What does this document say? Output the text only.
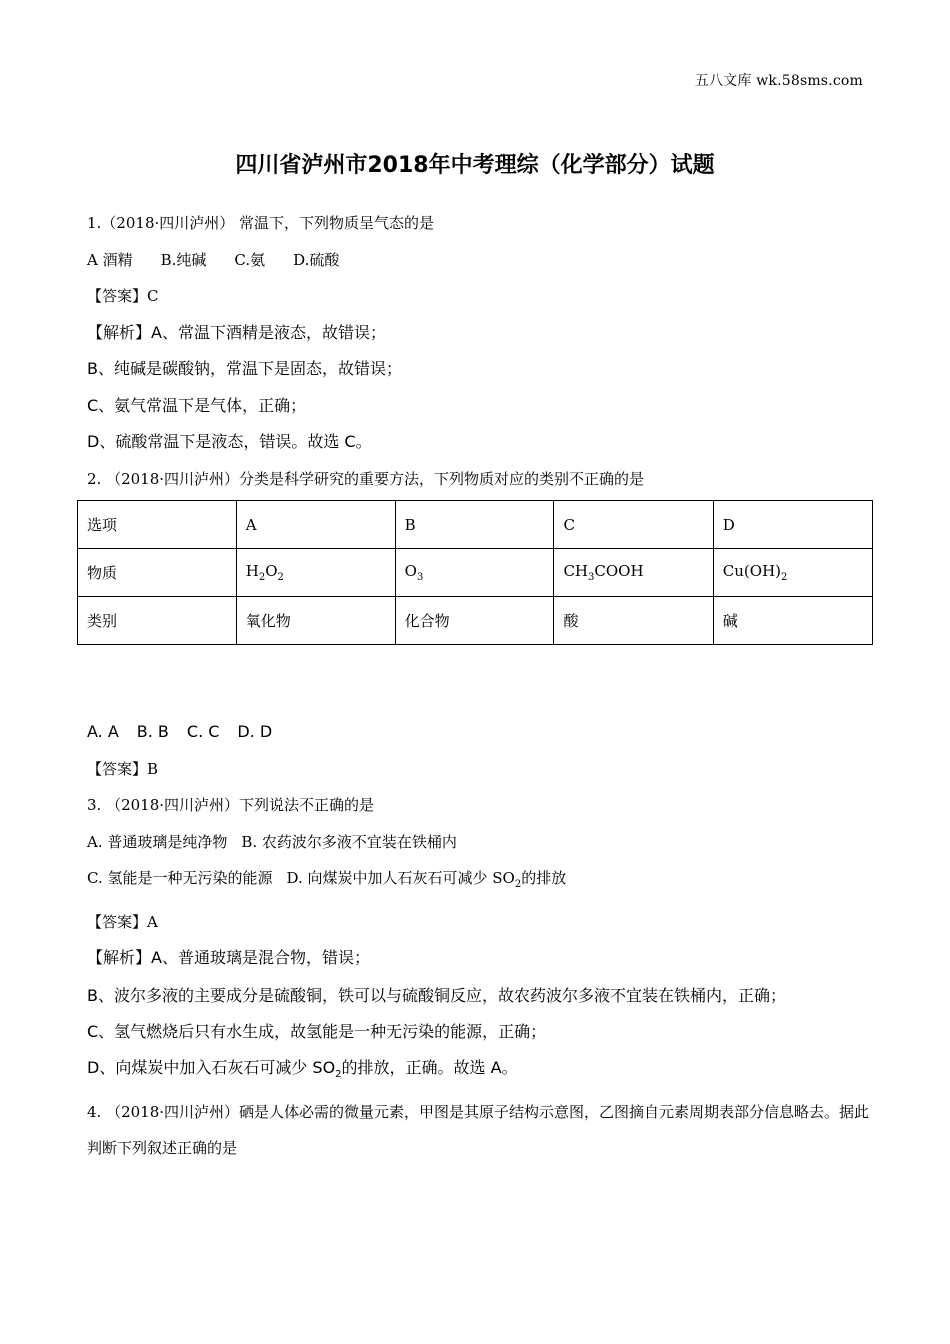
五八文库 wk.58sms.com
四川省泸州市2018年中考理综（化学部分）试题
1.（2018·四川泸州） 常温下，下列物质呈气态的是
A 酒精 B.纯碱 C.氨 D.硫酸
【答案】C
【解析】A、常温下酒精是液态，故错误；
B、纯碱是碳酸钠，常温下是固态，故错误；
C、氨气常温下是气体，正确；
D、硫酸常温下是液态，错误。故选 C。
2. （2018·四川泸州）分类是科学研究的重要方法，下列物质对应的类别不正确的是
选项	A	B	C	D
物质	$H_2O_2$	$O_3$	$CH_3COOH$	$Cu(OH)_2$
类别	氧化物	化合物	酸	碱
A. A B. B C. C D. D
【答案】B
3. （2018·四川泸州）下列说法不正确的是
A. 普通玻璃是纯净物 B. 农药波尔多液不宜装在铁桶内
C. 氢能是一种无污染的能源 D. 向煤炭中加人石灰石可减少 $SO_2$的排放
【答案】A
【解析】A、普通玻璃是混合物，错误；
B、波尔多液的主要成分是硫酸铜，铁可以与硫酸铜反应，故农药波尔多液不宜装在铁桶内，正确；
C、氢气燃烧后只有水生成，故氢能是一种无污染的能源，正确；
D、向煤炭中加入石灰石可减少 $SO_2$的排放，正确。故选 A。
4. （2018·四川泸州）硒是人体必需的微量元素，甲图是其原子结构示意图，乙图摘自元素周期表部分信息略去。据此判断下列叙述正确的是
